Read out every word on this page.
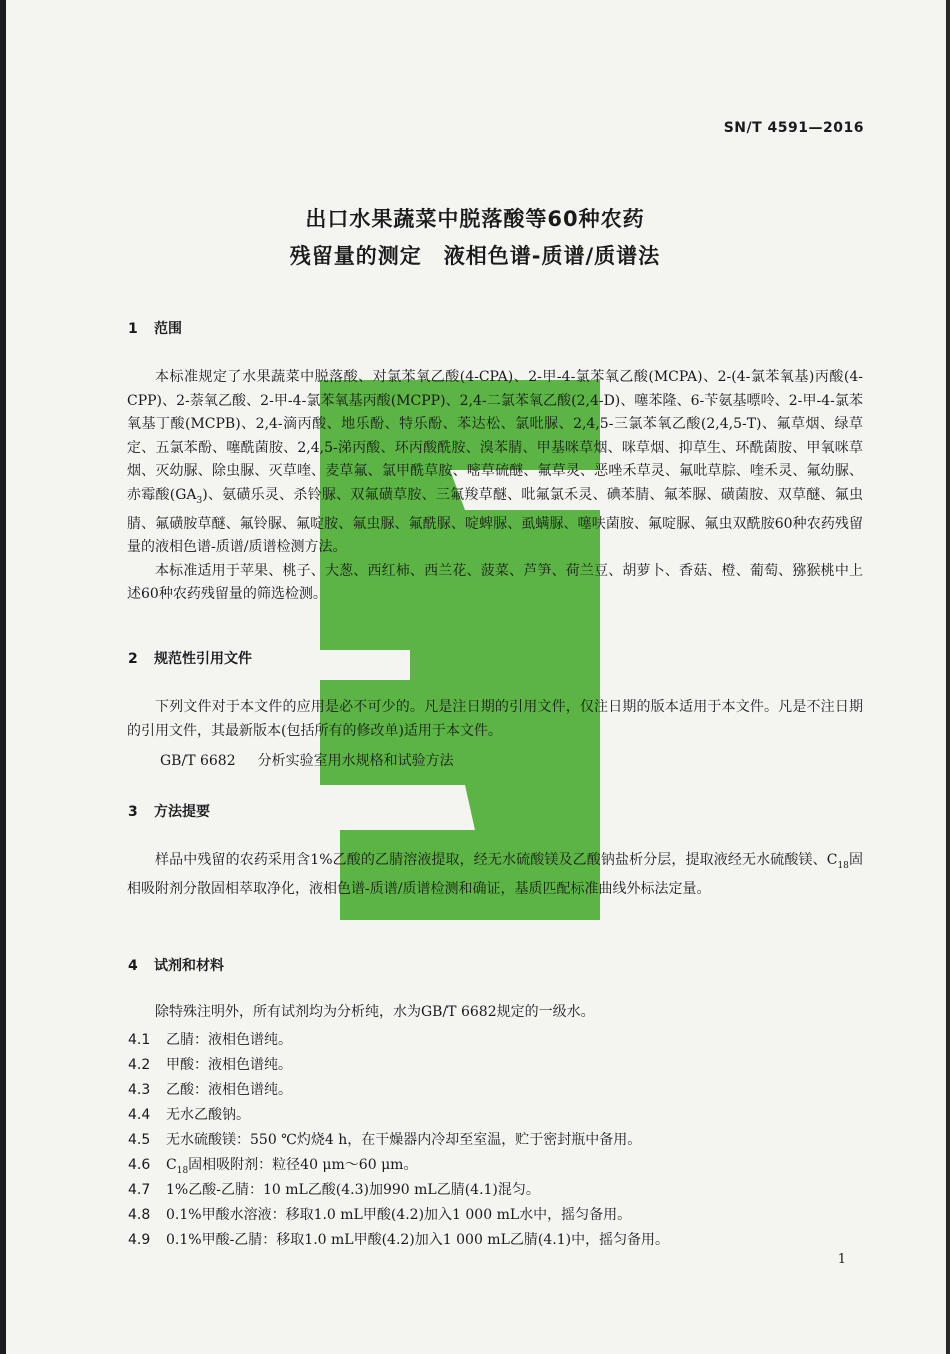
SN/T 4591—2016
出口水果蔬菜中脱落酸等60种农药
残留量的测定　液相色谱-质谱/质谱法
1 范围

本标准规定了水果蔬菜中脱落酸、对氯苯氧乙酸(4-CPA)、2-甲-4-氯苯氧乙酸(MCPA)、2-(4-氯苯氧基)丙酸(4-CPP)、2-萘氧乙酸、2-甲-4-氯苯氧基丙酸(MCPP)、2,4-二氯苯氧乙酸(2,4-D)、噻苯隆、6-苄氨基嘌呤、2-甲-4-氯苯氧基丁酸(MCPB)、2,4-滴丙酸、地乐酚、特乐酚、苯达松、氯吡脲、2,4,5-三氯苯氧乙酸(2,4,5-T)、氟草烟、绿草定、五氯苯酚、噻酰菌胺、2,4,5-涕丙酸、环丙酸酰胺、溴苯腈、甲基咪草烟、咪草烟、抑草生、环酰菌胺、甲氧咪草烟、灭幼脲、除虫脲、灭草喹、麦草氟、氯甲酰草胺、嘧草硫醚、氟草灵、恶唑禾草灵、氟吡草腙、喹禾灵、氟幼脲、赤霉酸$(GA_3)$、氨磺乐灵、杀铃脲、双氟磺草胺、三氟羧草醚、吡氟氯禾灵、碘苯腈、氟苯脲、磺菌胺、双草醚、氟虫腈、氟磺胺草醚、氟铃脲、氟啶胺、氟虫脲、氟酰脲、啶蜱脲、虱螨脲、噻呋菌胺、氟啶脲、氟虫双酰胺60种农药残留量的液相色谱-质谱/质谱检测方法。

本标准适用于苹果、桃子、大葱、西红柿、西兰花、菠菜、芦笋、荷兰豆、胡萝卜、香菇、橙、葡萄、猕猴桃中上述60种农药残留量的筛选检测。

2 规范性引用文件

下列文件对于本文件的应用是必不可少的。凡是注日期的引用文件，仅注日期的版本适用于本文件。凡是不注日期的引用文件，其最新版本(包括所有的修改单)适用于本文件。

GB/T 6682 分析实验室用水规格和试验方法
3 方法提要

样品中残留的农药采用含1%乙酸的乙腈溶液提取，经无水硫酸镁及乙酸钠盐析分层，提取液经无水硫酸镁、$C_{18}$固相吸附剂分散固相萃取净化，液相色谱-质谱/质谱检测和确证，基质匹配标准曲线外标法定量。

4 试剂和材料

除特殊注明外，所有试剂均为分析纯，水为GB/T 6682规定的一级水。

4.1 乙腈：液相色谱纯。
4.2 甲酸：液相色谱纯。
4.3 乙酸：液相色谱纯。
4.4 无水乙酸钠。
4.5 无水硫酸镁：550 ℃灼烧4 h，在干燥器内冷却至室温，贮于密封瓶中备用。
4.6 $C_{18}$固相吸附剂：粒径40 μm～60 μm。
4.7 1%乙酸-乙腈：10 mL乙酸(4.3)加990 mL乙腈(4.1)混匀。
4.8 0.1%甲酸水溶液：移取1.0 mL甲酸(4.2)加入1 000 mL水中，摇匀备用。
4.9 0.1%甲酸-乙腈：移取1.0 mL甲酸(4.2)加入1 000 mL乙腈(4.1)中，摇匀备用。
1
